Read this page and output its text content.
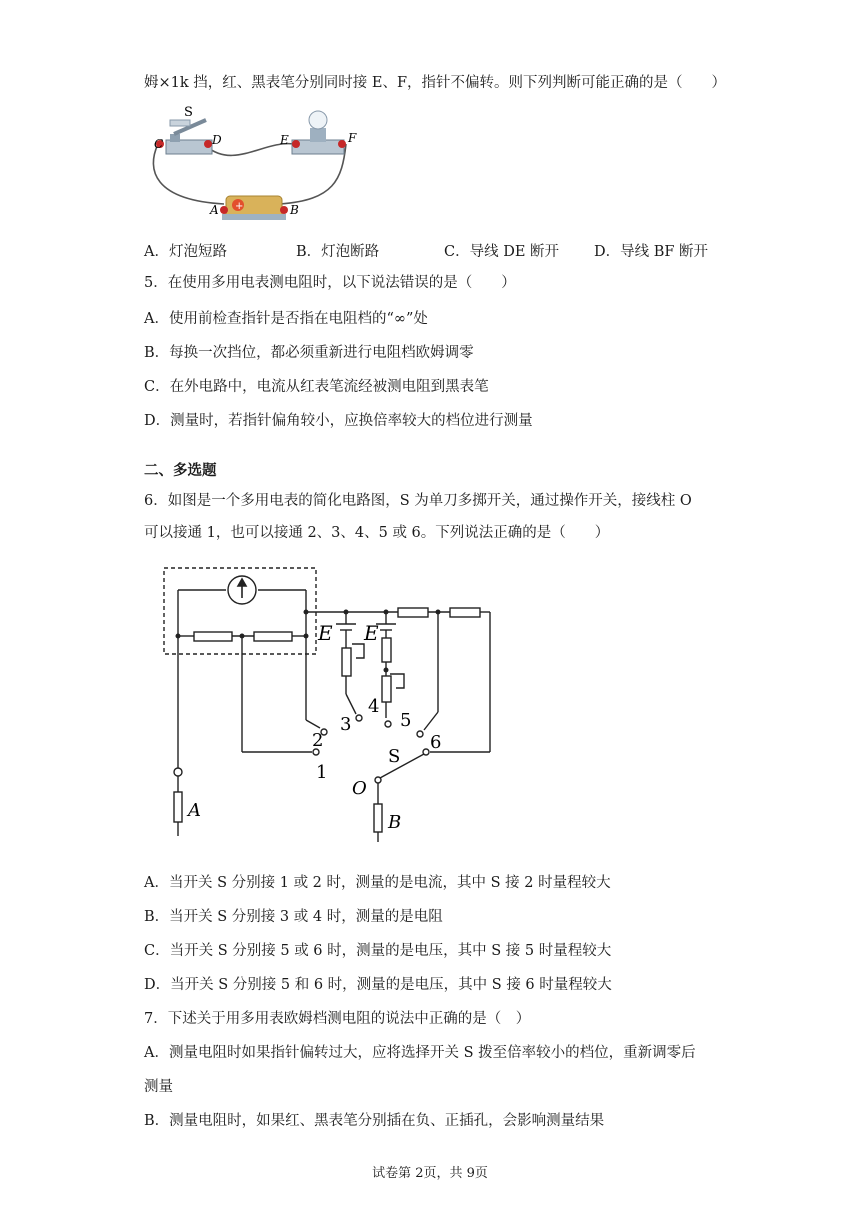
姆×1k 挡，红、黑表笔分别同时接 E、F，指针不偏转。则下列判断可能正确的是（　　）
+
S
C	D	E	F
A	B
A．灯泡短路	B．灯泡断路	C．导线 DE 断开 D．导线 BF 断开
5．在使用多用电表测电阻时，以下说法错误的是（　　）
A．使用前检查指针是否指在电阻档的“∞”处
B．每换一次挡位，都必须重新进行电阻档欧姆调零
C．在外电路中，电流从红表笔流经被测电阻到黑表笔
D．测量时，若指针偏角较小，应换倍率较大的档位进行测量
二、多选题
6．如图是一个多用电表的简化电路图，S 为单刀多掷开关，通过操作开关，接线柱 O
可以接通 1，也可以接通 2、3、4、5 或 6。下列说法正确的是（　　）
E E
1
2
3
4
5
6
S
O
A
B
A．当开关 S 分别接 1 或 2 时，测量的是电流，其中 S 接 2 时量程较大
B．当开关 S 分别接 3 或 4 时，测量的是电阻
C．当开关 S 分别接 5 或 6 时，测量的是电压，其中 S 接 5 时量程较大
D．当开关 S 分别接 5 和 6 时，测量的是电压，其中 S 接 6 时量程较大
7．下述关于用多用表欧姆档测电阻的说法中正确的是（　）
A．测量电阻时如果指针偏转过大，应将选择开关 S 拨至倍率较小的档位，重新调零后
测量
B．测量电阻时，如果红、黑表笔分别插在负、正插孔，会影响测量结果
试卷第 2页，共 9页
